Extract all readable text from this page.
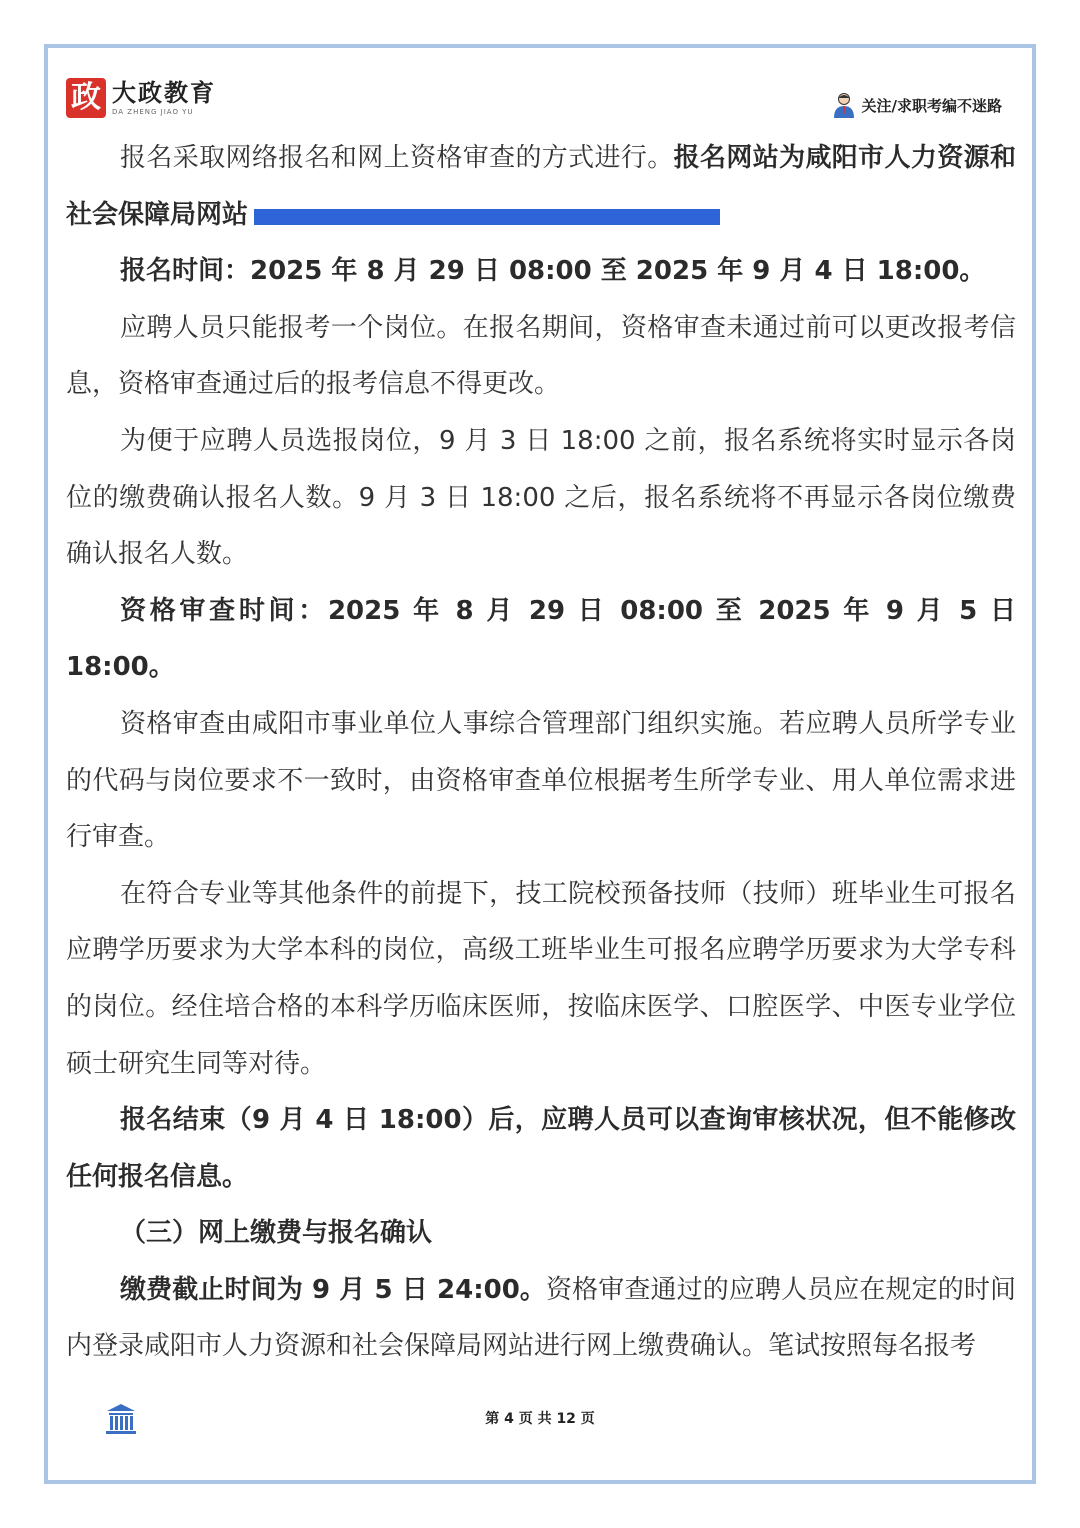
政 大政教育
DA ZHENG JIAO YU	关注/求职考编不迷路

报名采取网络报名和网上资格审查的方式进行。报名网站为咸阳市人力资源和社会保障局网站

报名时间：2025 年 8 月 29 日 08:00 至 2025 年 9 月 4 日 18:00。

应聘人员只能报考一个岗位。在报名期间，资格审查未通过前可以更改报考信息，资格审查通过后的报考信息不得更改。

为便于应聘人员选报岗位，9 月 3 日 18:00 之前，报名系统将实时显示各岗位的缴费确认报名人数。9 月 3 日 18:00 之后，报名系统将不再显示各岗位缴费确认报名人数。

资格审查时间：2025 年 8 月 29 日 08:00 至 2025 年 9 月 5 日 18:00。

资格审查由咸阳市事业单位人事综合管理部门组织实施。若应聘人员所学专业的代码与岗位要求不一致时，由资格审查单位根据考生所学专业、用人单位需求进行审查。

在符合专业等其他条件的前提下，技工院校预备技师（技师）班毕业生可报名应聘学历要求为大学本科的岗位，高级工班毕业生可报名应聘学历要求为大学专科的岗位。经住培合格的本科学历临床医师，按临床医学、口腔医学、中医专业学位硕士研究生同等对待。

报名结束（9 月 4 日 18:00）后，应聘人员可以查询审核状况，但不能修改任何报名信息。

（三）网上缴费与报名确认

缴费截止时间为 9 月 5 日 24:00。资格审查通过的应聘人员应在规定的时间内登录咸阳市人力资源和社会保障局网站进行网上缴费确认。笔试按照每名报考

第 4 页 共 12 页
